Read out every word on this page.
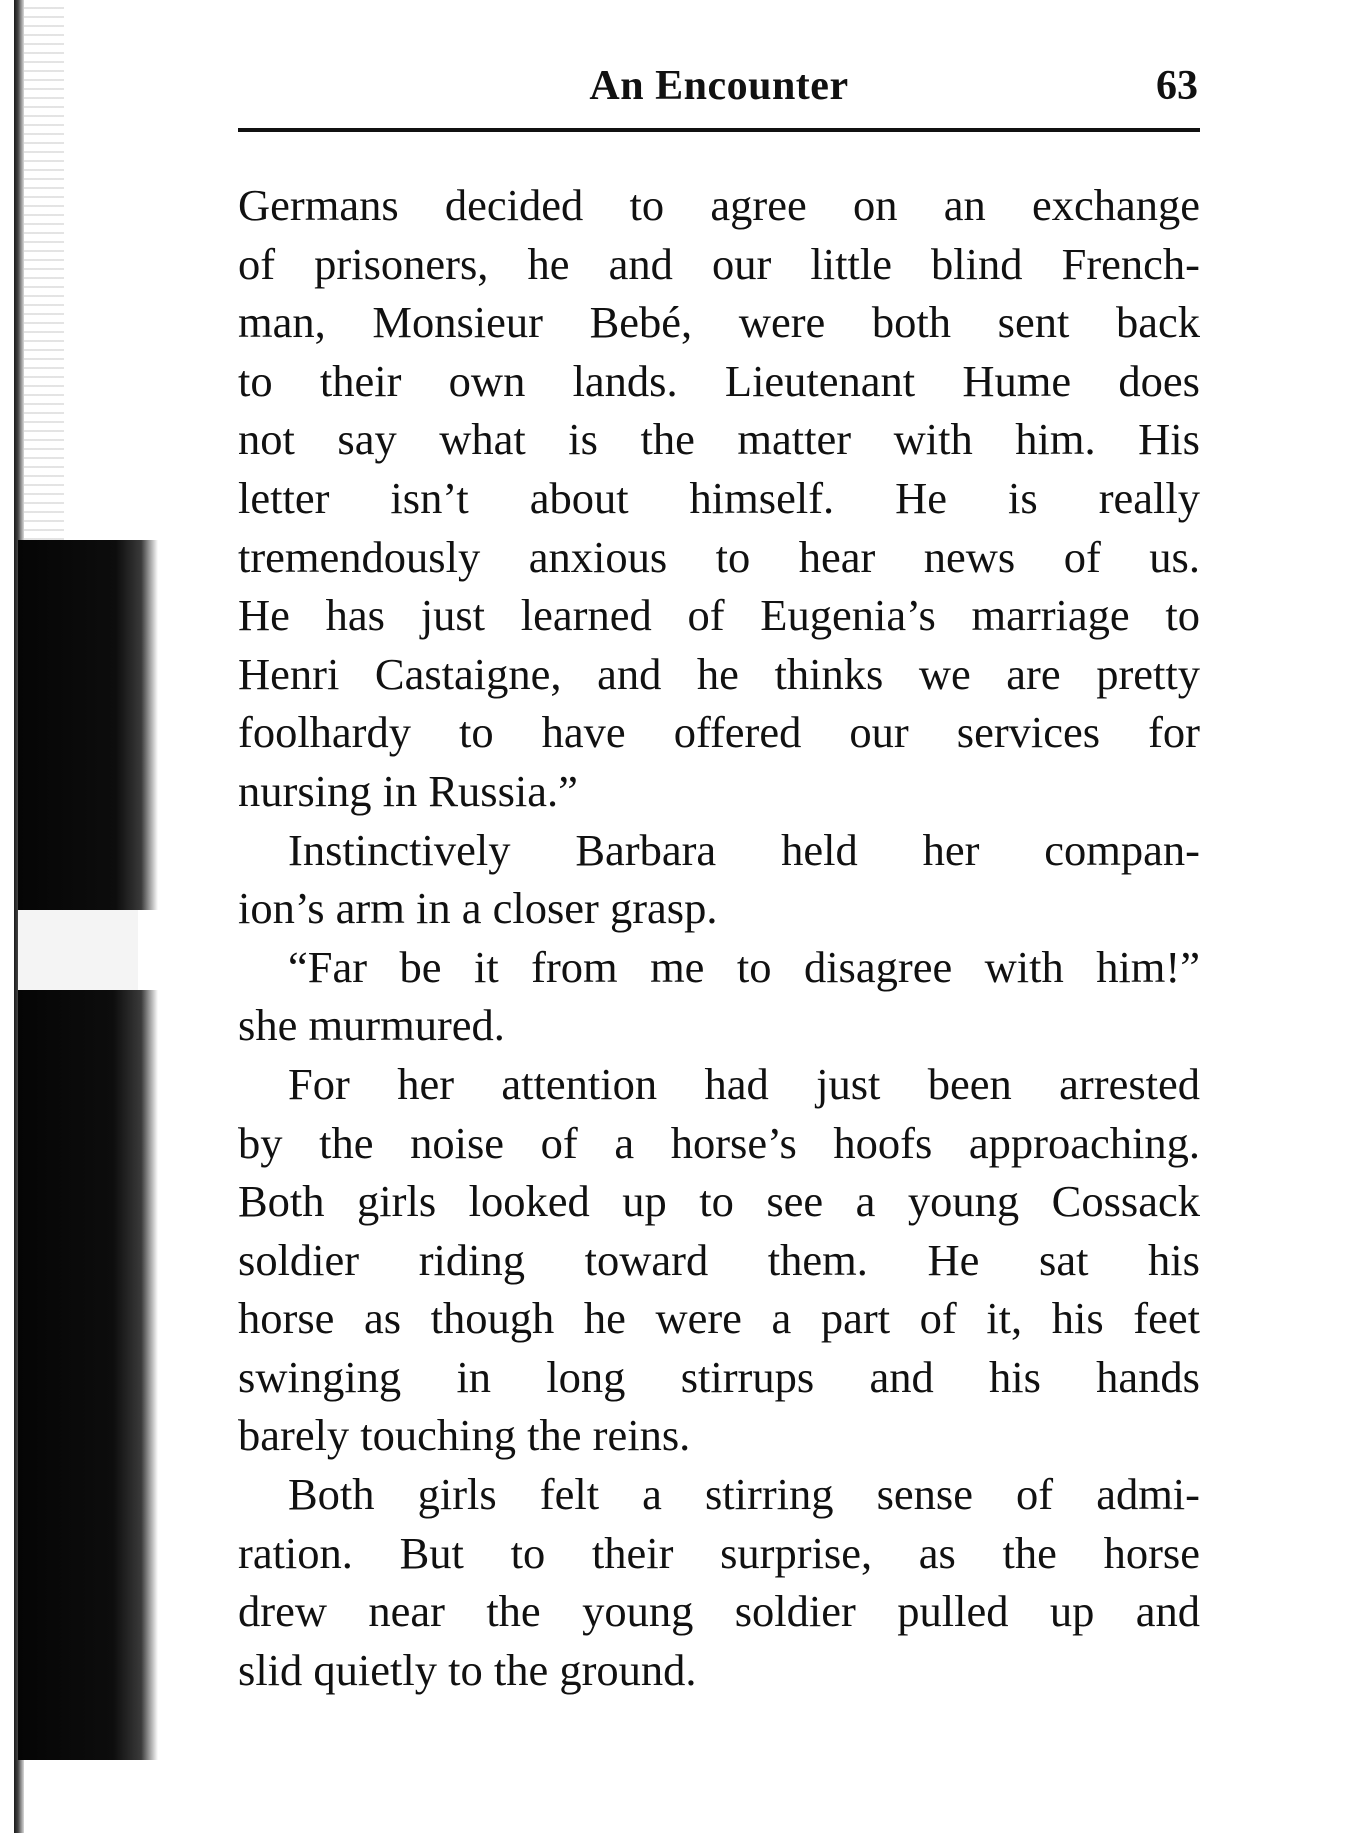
An Encounter	63

Germans decided to agree on an exchange
of prisoners, he and our little blind French-
man, Monsieur Bebé, were both sent back
to their own lands. Lieutenant Hume does
not say what is the matter with him. His
letter isn’t about himself. He is really
tremendously anxious to hear news of us.
He has just learned of Eugenia’s marriage to
Henri Castaigne, and he thinks we are pretty
foolhardy to have offered our services for
nursing in Russia.”

Instinctively Barbara held her compan-
ion’s arm in a closer grasp.

“Far be it from me to disagree with him!”
she murmured.

For her attention had just been arrested
by the noise of a horse’s hoofs approaching.
Both girls looked up to see a young Cossack
soldier riding toward them. He sat his
horse as though he were a part of it, his feet
swinging in long stirrups and his hands
barely touching the reins.

Both girls felt a stirring sense of admi-
ration. But to their surprise, as the horse
drew near the young soldier pulled up and
slid quietly to the ground.
